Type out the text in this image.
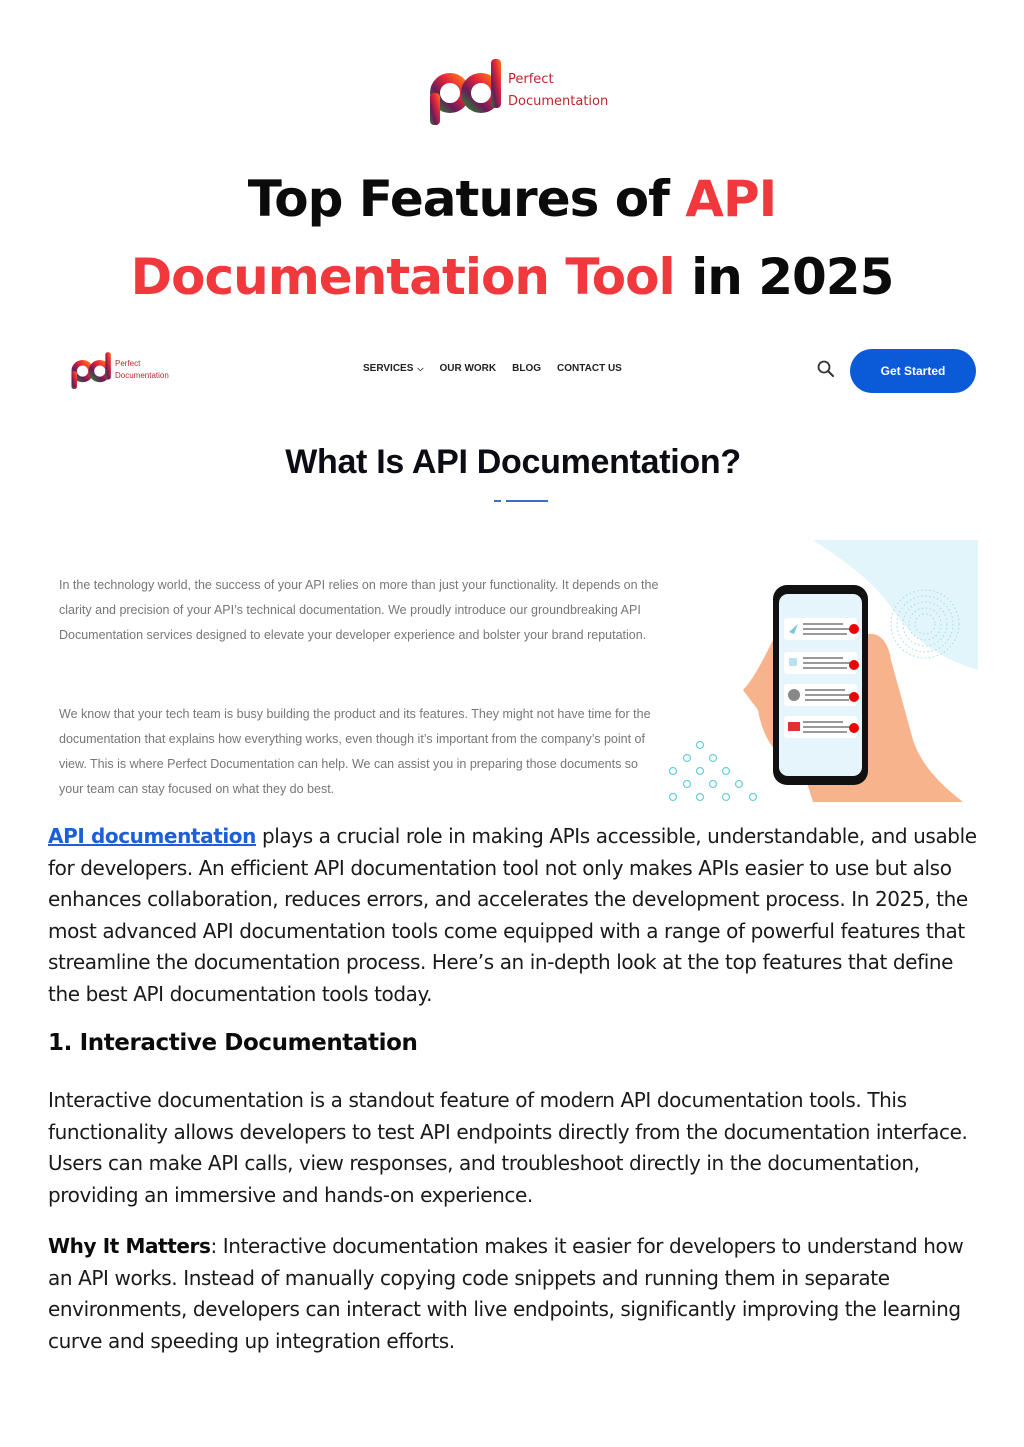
Perfect
Documentation
Top Features of API
Documentation Tool in 2025
Perfect
Documentation
SERVICES ⌵ OUR WORK BLOG CONTACT US	Get Started
What Is API Documentation?

In the technology world, the success of your API relies on more than just your functionality. It depends on the clarity and precision of your API’s technical documentation. We proudly introduce our groundbreaking API Documentation services designed to elevate your developer experience and bolster your brand reputation.

We know that your tech team is busy building the product and its features. They might not have time for the documentation that explains how everything works, even though it’s important from the company’s point of view. This is where Perfect Documentation can help. We can assist you in preparing those documents so your team can stay focused on what they do best.

API documentation plays a crucial role in making APIs accessible, understandable, and usable for developers. An efficient API documentation tool not only makes APIs easier to use but also enhances collaboration, reduces errors, and accelerates the development process. In 2025, the most advanced API documentation tools come equipped with a range of powerful features that streamline the documentation process. Here’s an in-depth look at the top features that define the best API documentation tools today.

1. Interactive Documentation

Interactive documentation is a standout feature of modern API documentation tools. This functionality allows developers to test API endpoints directly from the documentation interface. Users can make API calls, view responses, and troubleshoot directly in the documentation, providing an immersive and hands-on experience.

Why It Matters: Interactive documentation makes it easier for developers to understand how an API works. Instead of manually copying code snippets and running them in separate environments, developers can interact with live endpoints, significantly improving the learning curve and speeding up integration efforts.
